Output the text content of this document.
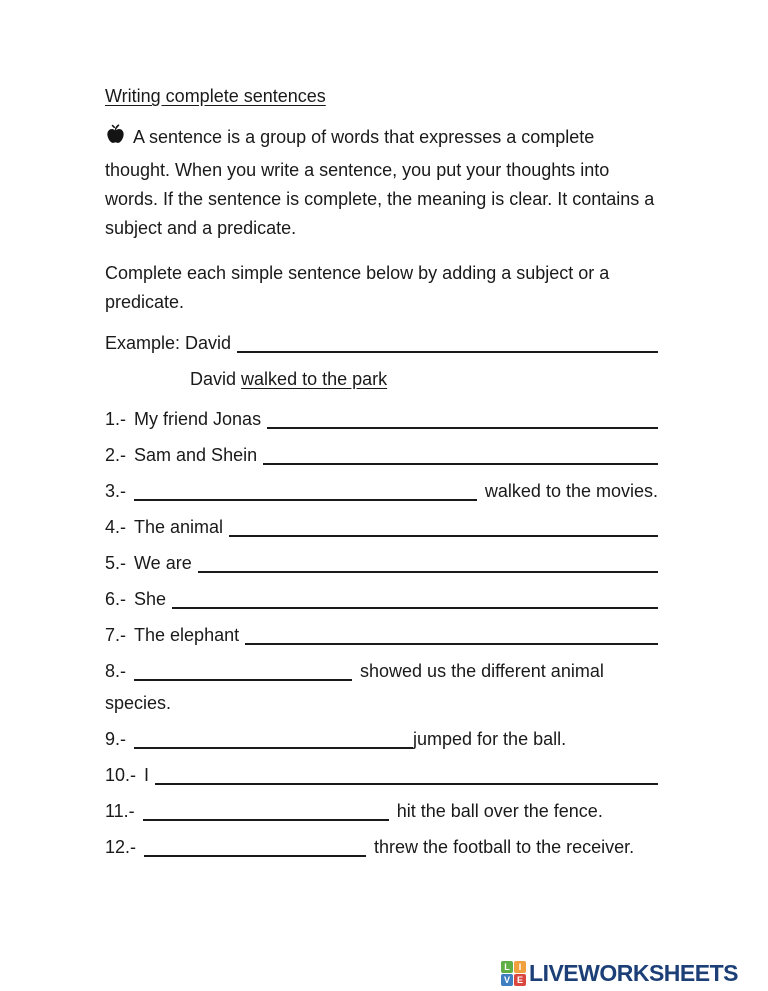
Writing complete sentences

A sentence is a group of words that expresses a complete thought. When you write a sentence, you put your thoughts into words. If the sentence is complete, the meaning is clear. It contains a subject and a predicate.

Complete each simple sentence below by adding a subject or a predicate.

Example: David

David walked to the park

1.- My friend Jonas
2.- Sam and Shein
3.-	walked to the movies.
4.- The animal
5.- We are
6.- She
7.- The elephant
8.-	showed us the different animal
species.
9.-	jumped for the ball.
10.- I
11.-	hit the ball over the fence.
12.-	threw the football to the receiver.
L I
V E LIVEWORKSHEETS
